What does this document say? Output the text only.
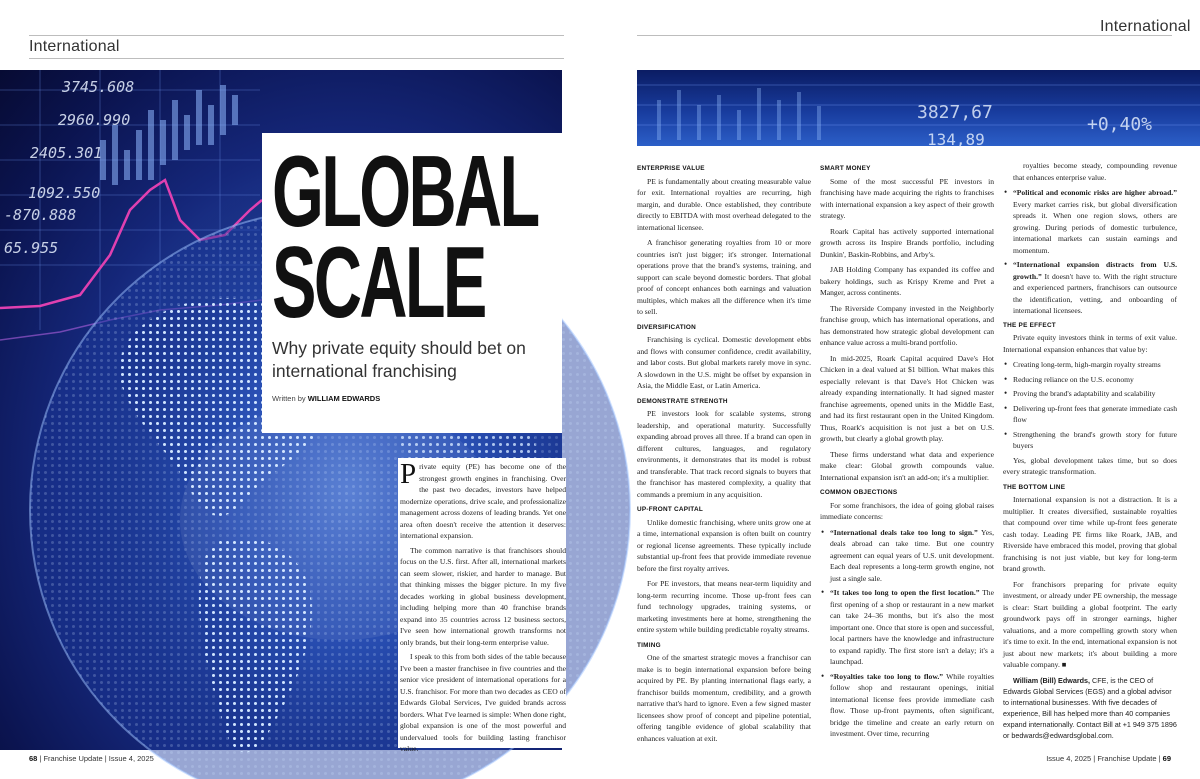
International
3745.608
2960.990
2405.301
1092.550
-870.888
65.955 GLOBAL
SCALE
Why private equity should bet on international franchising
Written by WILLIAM EDWARDS

Private equity (PE) has become one of the strongest growth engines in franchising. Over the past two decades, investors have helped modernize operations, drive scale, and professionalize management across dozens of leading brands. Yet one area often doesn't receive the attention it deserves: international expansion.

The common narrative is that franchisors should focus on the U.S. first. After all, international markets can seem slower, riskier, and harder to manage. But that thinking misses the bigger picture. In my five decades working in global business development, including helping more than 40 franchise brands expand into 35 countries across 12 business sectors, I've seen how international growth transforms not only brands, but their long-term enterprise value.

I speak to this from both sides of the table because I've been a master franchisee in five countries and the senior vice president of international operations for a U.S. franchisor. For more than two decades as CEO of Edwards Global Services, I've guided brands across borders. What I've learned is simple: When done right, global expansion is one of the most powerful and undervalued tools for building lasting franchisor value.

68 | Franchise Update | Issue 4, 2025
International
3827,67
+0,40%
134,89
ENTERPRISE VALUE

PE is fundamentally about creating measurable value for exit. International royalties are recurring, high margin, and durable. Once established, they contribute directly to EBITDA with most overhead delegated to the international licensee.

A franchisor generating royalties from 10 or more countries isn't just bigger; it's stronger. International operations prove that the brand's systems, training, and support can scale beyond domestic borders. That global proof of concept enhances both earnings and valuation multiples, which makes all the difference when it's time to sell.

DIVERSIFICATION

Franchising is cyclical. Domestic development ebbs and flows with consumer confidence, credit availability, and labor costs. But global markets rarely move in sync. A slowdown in the U.S. might be offset by expansion in Asia, the Middle East, or Latin America.

DEMONSTRATE STRENGTH

PE investors look for scalable systems, strong leadership, and operational maturity. Successfully expanding abroad proves all three. If a brand can open in different cultures, languages, and regulatory environments, it demonstrates that its model is robust and transferable. That track record signals to buyers that the franchisor has mastered complexity, a quality that commands a premium in any acquisition.

UP-FRONT CAPITAL

Unlike domestic franchising, where units grow one at a time, international expansion is often built on country or regional license agreements. These typically include substantial up-front fees that provide immediate revenue before the first royalty arrives.

For PE investors, that means near-term liquidity and long-term recurring income. Those up-front fees can fund technology upgrades, training systems, or marketing investments here at home, strengthening the entire system while building predictable royalty streams.

TIMING

One of the smartest strategic moves a franchisor can make is to begin international expansion before being acquired by PE. By planting international flags early, a franchisor builds momentum, credibility, and a growth narrative that's hard to ignore. Even a few signed master licensees show proof of concept and pipeline potential, offering tangible evidence of global scalability that enhances valuation at exit.

SMART MONEY

Some of the most successful PE investors in franchising have made acquiring the rights to franchises with international expansion a key aspect of their growth strategy.

Roark Capital has actively supported international growth across its Inspire Brands portfolio, including Dunkin', Baskin-Robbins, and Arby's.

JAB Holding Company has expanded its coffee and bakery holdings, such as Krispy Kreme and Pret a Manger, across continents.

The Riverside Company invested in the Neighborly franchise group, which has international operations, and has demonstrated how strategic global development can enhance value across a multi-brand portfolio.

In mid-2025, Roark Capital acquired Dave's Hot Chicken in a deal valued at $1 billion. What makes this especially relevant is that Dave's Hot Chicken was already expanding internationally. It had signed master franchise agreements, opened units in the Middle East, and had its first restaurant open in the United Kingdom. Thus, Roark's acquisition is not just a bet on U.S. growth, but clearly a global growth play.

These firms understand what data and experience make clear: Global growth compounds value. International expansion isn't an add-on; it's a multiplier.

COMMON OBJECTIONS

For some franchisors, the idea of going global raises immediate concerns:

• “International deals take too long to sign.” Yes, deals abroad can take time. But one country agreement can equal years of U.S. unit development. Each deal represents a long-term growth engine, not just a single sale.
• “It takes too long to open the first location.” The first opening of a shop or restaurant in a new market can take 24–36 months, but it's also the most important one. Once that store is open and successful, local partners have the knowledge and infrastructure to expand rapidly. The first store isn't a delay; it's a launchpad.
• “Royalties take too long to flow.” While royalties follow shop and restaurant openings, initial international license fees provide immediate cash flow. Those up-front payments, often significant, bridge the timeline and create an early return on investment. Over time, recurring

royalties become steady, compounding revenue that enhances enterprise value.

• “Political and economic risks are higher abroad.” Every market carries risk, but global diversification spreads it. When one region slows, others are growing. During periods of domestic turbulence, international markets can sustain earnings and momentum.
• “International expansion distracts from U.S. growth.” It doesn't have to. With the right structure and experienced partners, franchisors can outsource the identification, vetting, and onboarding of international licensees.
THE PE EFFECT

Private equity investors think in terms of exit value. International expansion enhances that value by:

• Creating long-term, high-margin royalty streams
• Reducing reliance on the U.S. economy
• Proving the brand's adaptability and scalability
• Delivering up-front fees that generate immediate cash flow
• Strengthening the brand's growth story for future buyers

Yes, global development takes time, but so does every strategic transformation.

THE BOTTOM LINE

International expansion is not a distraction. It is a multiplier. It creates diversified, sustainable royalties that compound over time while up-front fees generate cash today. Leading PE firms like Roark, JAB, and Riverside have embraced this model, proving that global franchising is not just viable, but key for long-term brand growth.

For franchisors preparing for private equity investment, or already under PE ownership, the message is clear: Start building a global footprint. The early groundwork pays off in stronger earnings, higher valuations, and a more compelling growth story when it's time to exit. In the end, international expansion is not just about new markets; it's about building a more valuable company. ■

William (Bill) Edwards, CFE, is the CEO of Edwards Global Services (EGS) and a global advisor to international businesses. With five decades of experience, Bill has helped more than 40 companies expand internationally. Contact Bill at +1 949 375 1896 or bedwards@edwardsglobal.com.

Issue 4, 2025 | Franchise Update | 69
